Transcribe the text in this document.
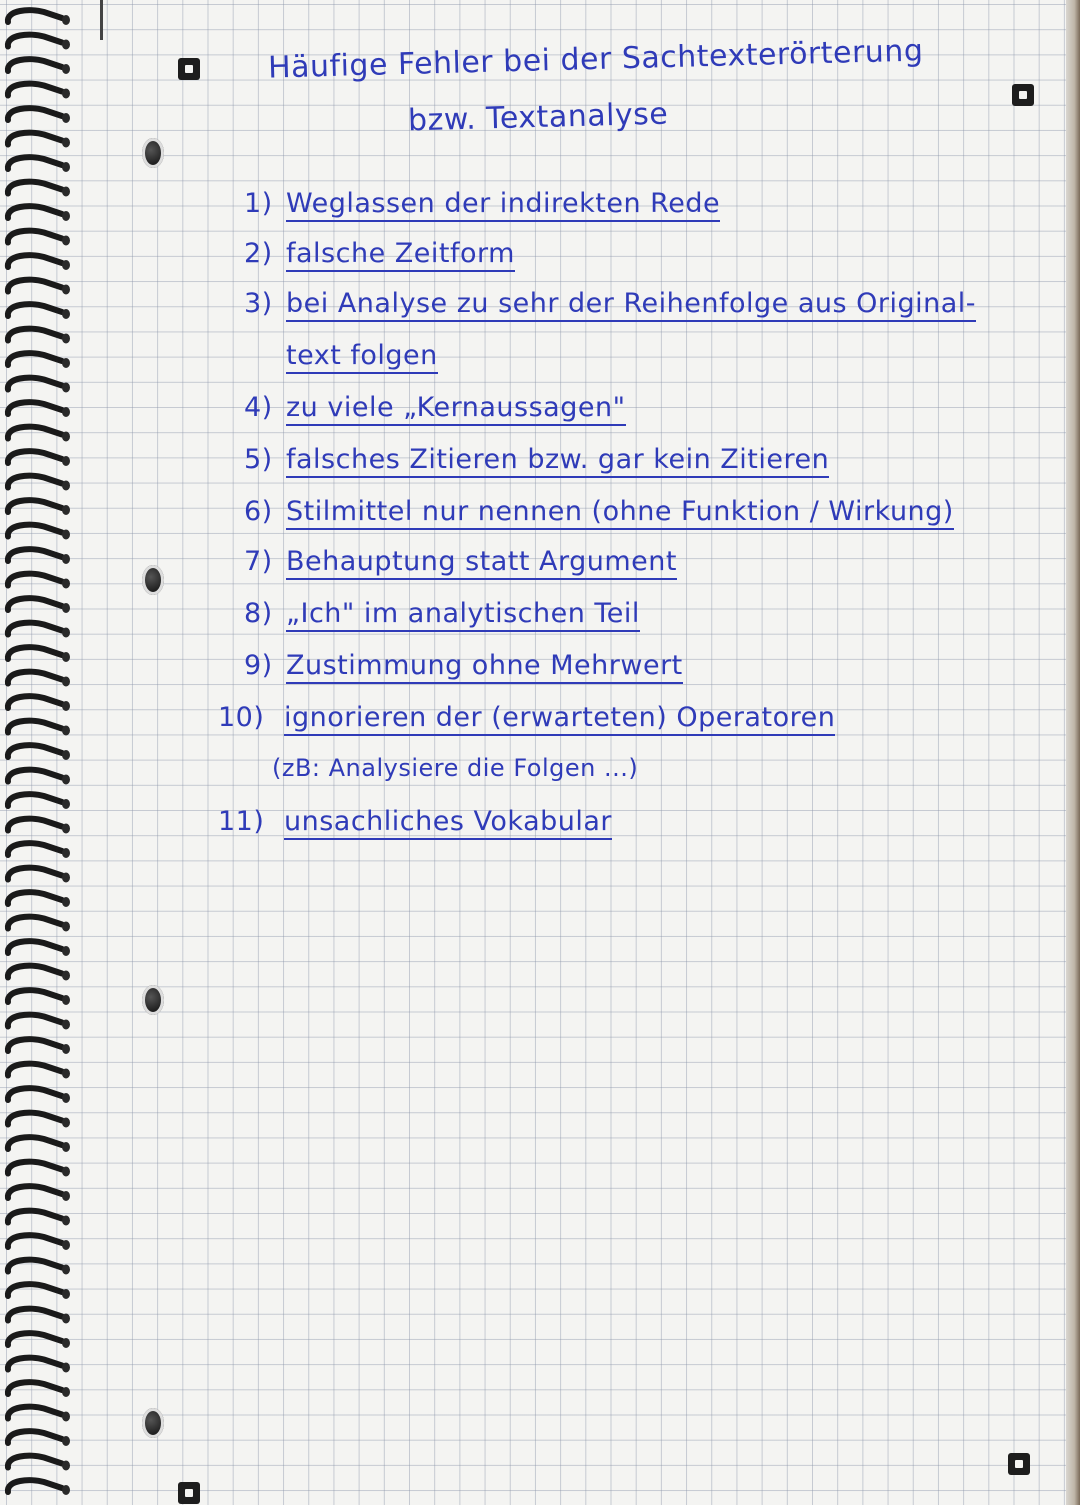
Häufige Fehler bei der Sachtexterörterung
bzw. Textanalyse
1) Weglassen der indirekten Rede
2) falsche Zeitform
3) bei Analyse zu sehr der Reihenfolge aus Original-
text folgen
4) zu viele „Kernaussagen"
5) falsches Zitieren bzw. gar kein Zitieren
6) Stilmittel nur nennen (ohne Funktion / Wirkung)
7) Behauptung statt Argument
8) „Ich" im analytischen Teil
9) Zustimmung ohne Mehrwert
10) ignorieren der (erwarteten) Operatoren
(zB: Analysiere die Folgen ...)
11) unsachliches Vokabular
